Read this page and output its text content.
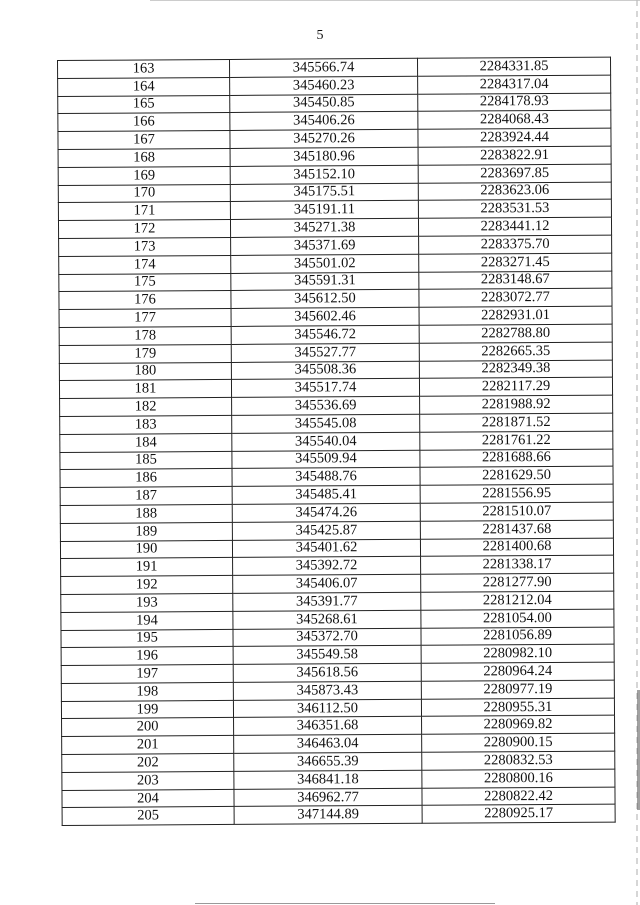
5
163	345566.74	2284331.85
164	345460.23	2284317.04
165	345450.85	2284178.93
166	345406.26	2284068.43
167	345270.26	2283924.44
168	345180.96	2283822.91
169	345152.10	2283697.85
170	345175.51	2283623.06
171	345191.11	2283531.53
172	345271.38	2283441.12
173	345371.69	2283375.70
174	345501.02	2283271.45
175	345591.31	2283148.67
176	345612.50	2283072.77
177	345602.46	2282931.01
178	345546.72	2282788.80
179	345527.77	2282665.35
180	345508.36	2282349.38
181	345517.74	2282117.29
182	345536.69	2281988.92
183	345545.08	2281871.52
184	345540.04	2281761.22
185	345509.94	2281688.66
186	345488.76	2281629.50
187	345485.41	2281556.95
188	345474.26	2281510.07
189	345425.87	2281437.68
190	345401.62	2281400.68
191	345392.72	2281338.17
192	345406.07	2281277.90
193	345391.77	2281212.04
194	345268.61	2281054.00
195	345372.70	2281056.89
196	345549.58	2280982.10
197	345618.56	2280964.24
198	345873.43	2280977.19
199	346112.50	2280955.31
200	346351.68	2280969.82
201	346463.04	2280900.15
202	346655.39	2280832.53
203	346841.18	2280800.16
204	346962.77	2280822.42
205	347144.89	2280925.17
